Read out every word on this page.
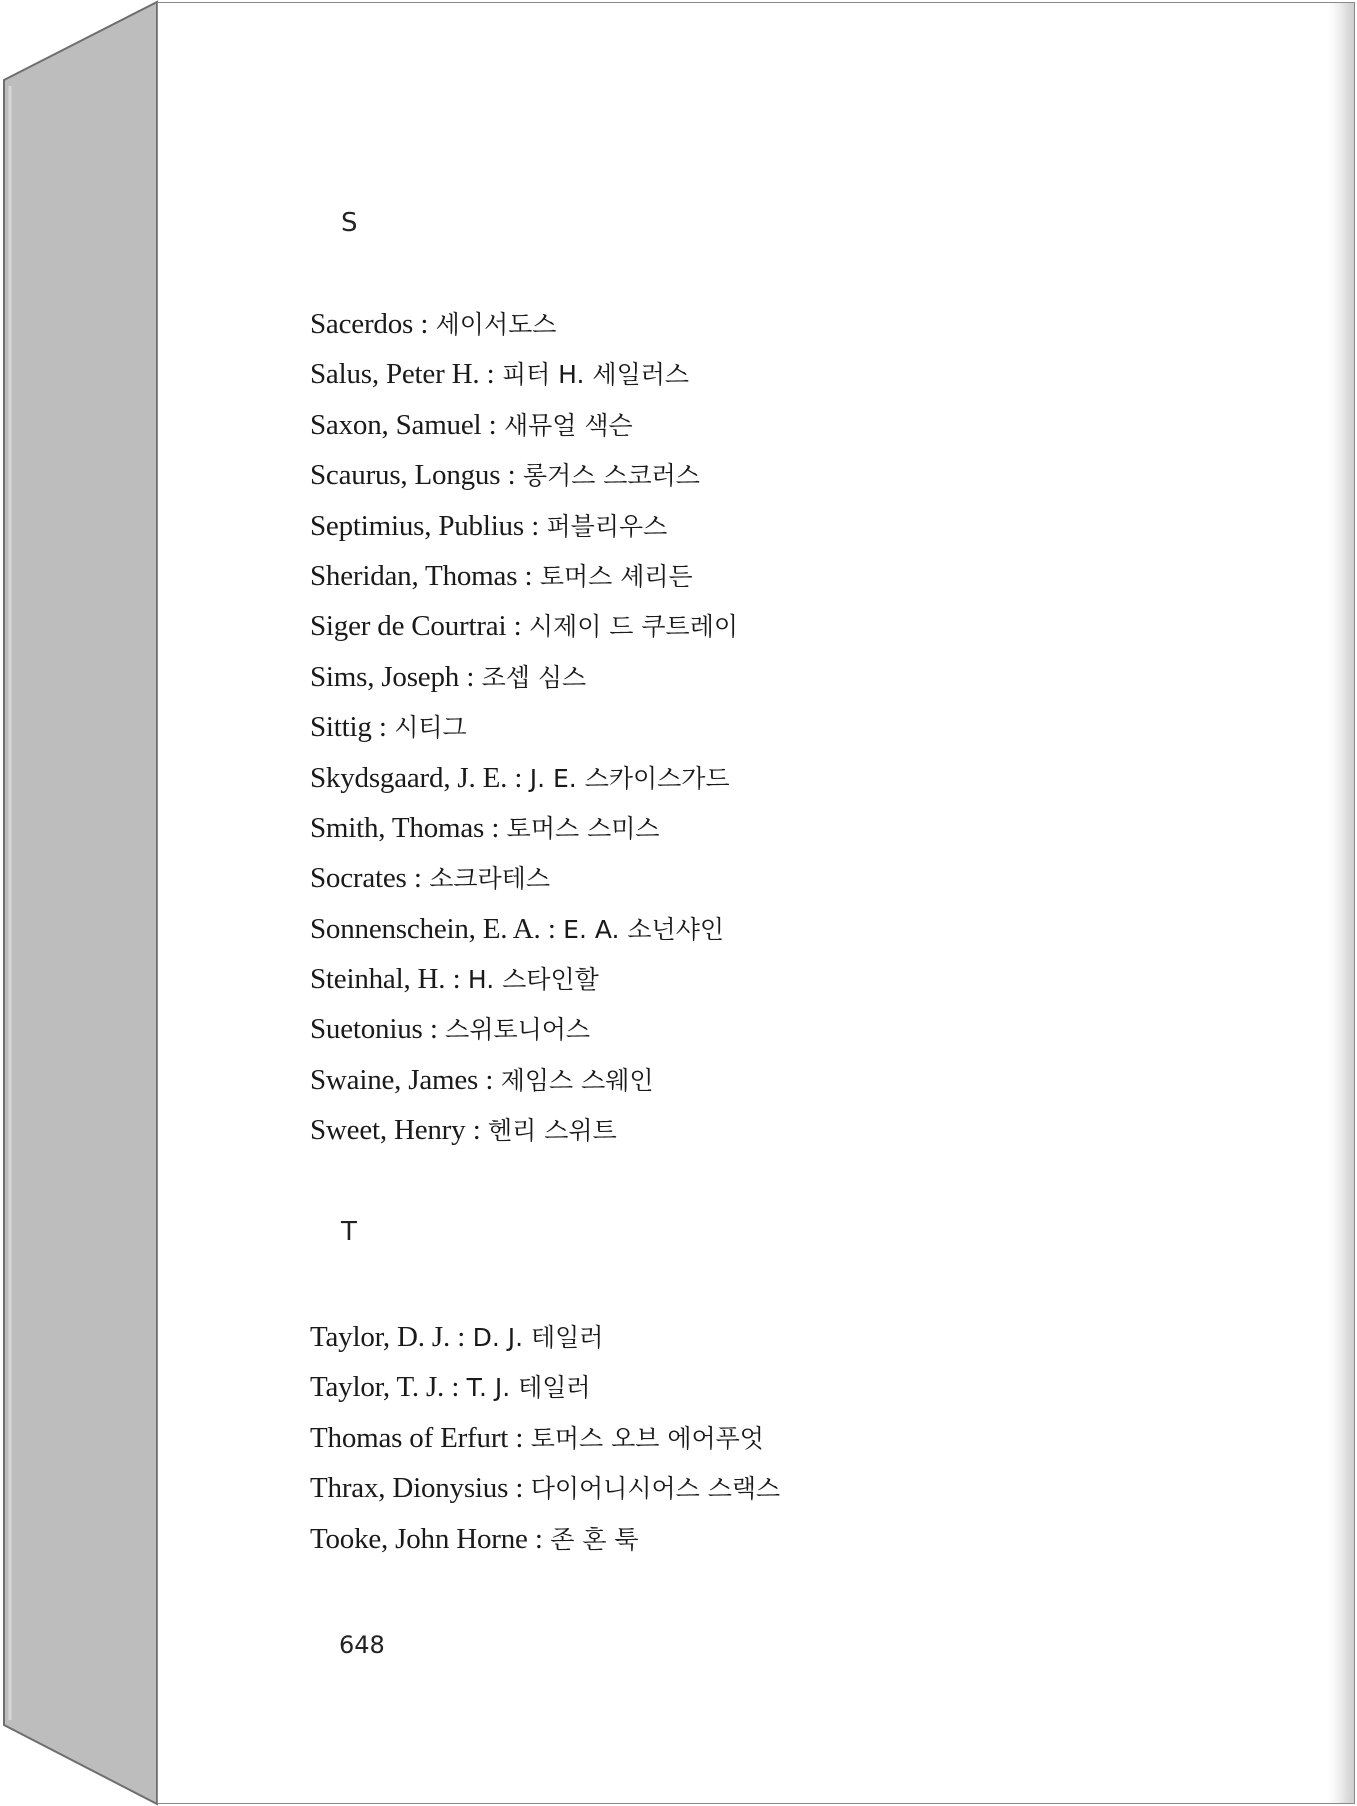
S
Sacerdos : 세이서도스
Salus, Peter H. : 피터 H. 세일러스
Saxon, Samuel : 새뮤얼 색슨
Scaurus, Longus : 롱거스 스코러스
Septimius, Publius : 퍼블리우스
Sheridan, Thomas : 토머스 셰리든
Siger de Courtrai : 시제이 드 쿠트레이
Sims, Joseph : 조셉 심스
Sittig : 시티그
Skydsgaard, J. E. : J. E. 스카이스가드
Smith, Thomas : 토머스 스미스
Socrates : 소크라테스
Sonnenschein, E. A. : E. A. 소넌샤인
Steinhal, H. : H. 스타인할
Suetonius : 스위토니어스
Swaine, James : 제임스 스웨인
Sweet, Henry : 헨리 스위트
T
Taylor, D. J. : D. J. 테일러
Taylor, T. J. : T. J. 테일러
Thomas of Erfurt : 토머스 오브 에어푸엇
Thrax, Dionysius : 다이어니시어스 스랙스
Tooke, John Horne : 존 혼 툭
648
